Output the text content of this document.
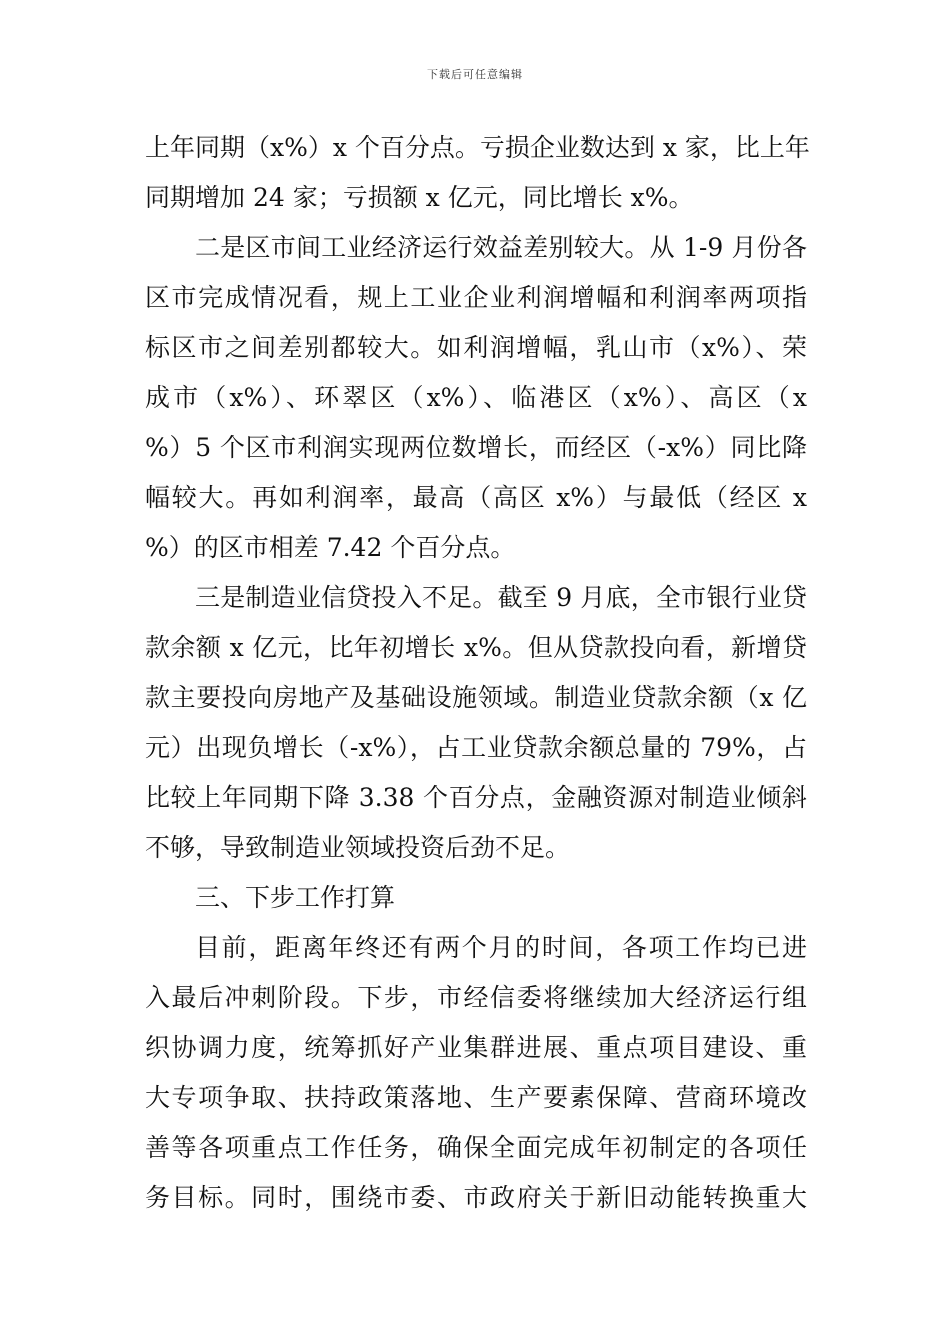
下载后可任意编辑
上年同期（x%）x 个百分点。亏损企业数达到 x 家，比上年
同期增加 24 家；亏损额 x 亿元，同比增长 x%。
二是区市间工业经济运行效益差别较大。从 1-9 月份各
区市完成情况看，规上工业企业利润增幅和利润率两项指
标区市之间差别都较大。如利润增幅，乳山市（x%）、荣
成市（x%）、环翠区（x%）、临港区（x%）、高区（x
%）5 个区市利润实现两位数增长，而经区（-x%）同比降
幅较大。再如利润率，最高（高区 x%）与最低（经区 x
%）的区市相差 7.42 个百分点。
三是制造业信贷投入不足。截至 9 月底，全市银行业贷
款余额 x 亿元，比年初增长 x%。但从贷款投向看，新增贷
款主要投向房地产及基础设施领域。制造业贷款余额（x 亿
元）出现负增长（-x%），占工业贷款余额总量的 79%，占
比较上年同期下降 3.38 个百分点，金融资源对制造业倾斜
不够，导致制造业领域投资后劲不足。
三、下步工作打算
目前，距离年终还有两个月的时间，各项工作均已进
入最后冲刺阶段。下步，市经信委将继续加大经济运行组
织协调力度，统筹抓好产业集群进展、重点项目建设、重
大专项争取、扶持政策落地、生产要素保障、营商环境改
善等各项重点工作任务，确保全面完成年初制定的各项任
务目标。同时，围绕市委、市政府关于新旧动能转换重大
